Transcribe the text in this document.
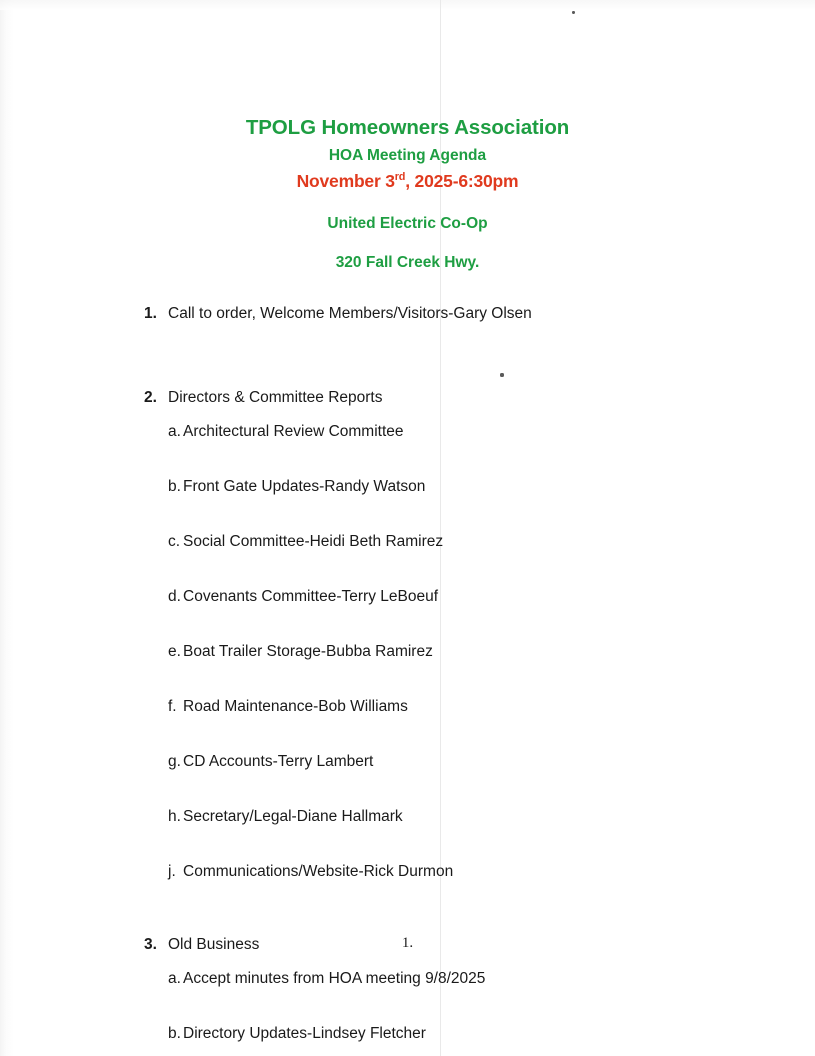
TPOLG Homeowners Association
HOA Meeting Agenda
November 3rd, 2025-6:30pm
United Electric Co-Op
320 Fall Creek Hwy.
1. Call to order, Welcome Members/Visitors-Gary Olsen
2. Directors & Committee Reports
a. Architectural Review Committee
b. Front Gate Updates-Randy Watson
c. Social Committee-Heidi Beth Ramirez
d. Covenants Committee-Terry LeBoeuf
e. Boat Trailer Storage-Bubba Ramirez
f. Road Maintenance-Bob Williams
g. CD Accounts-Terry Lambert
h. Secretary/Legal-Diane Hallmark
j. Communications/Website-Rick Durmon
3. Old Business
a. Accept minutes from HOA meeting 9/8/2025
b. Directory Updates-Lindsey Fletcher
1.
